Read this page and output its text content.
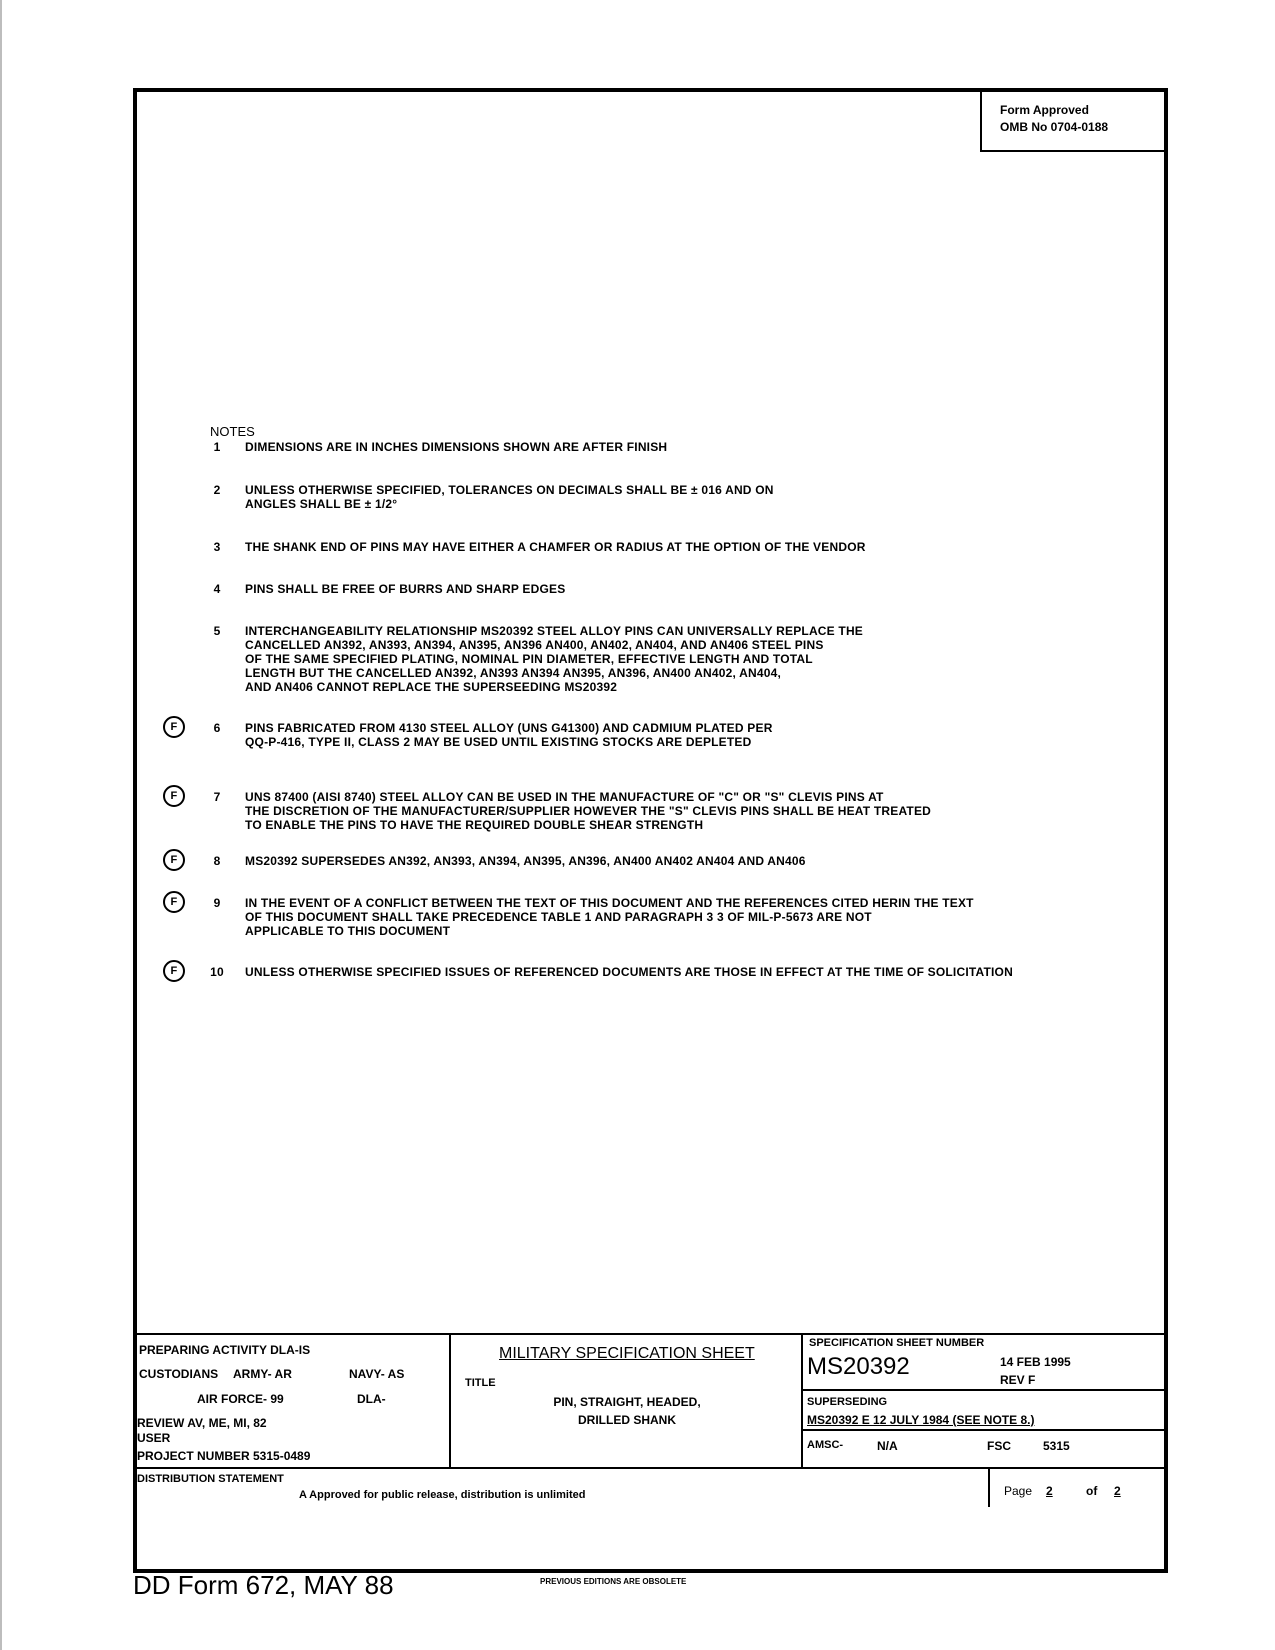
Form Approved
OMB No 0704-0188
NOTES
1	DIMENSIONS ARE IN INCHES DIMENSIONS SHOWN ARE AFTER FINISH
2	UNLESS OTHERWISE SPECIFIED, TOLERANCES ON DECIMALS SHALL BE ± 016 AND ON
ANGLES SHALL BE ± 1/2°
3	THE SHANK END OF PINS MAY HAVE EITHER A CHAMFER OR RADIUS AT THE OPTION OF THE VENDOR
4	PINS SHALL BE FREE OF BURRS AND SHARP EDGES
5	INTERCHANGEABILITY RELATIONSHIP MS20392 STEEL ALLOY PINS CAN UNIVERSALLY REPLACE THE
CANCELLED AN392, AN393, AN394, AN395, AN396 AN400, AN402, AN404, AND AN406 STEEL PINS
OF THE SAME SPECIFIED PLATING, NOMINAL PIN DIAMETER, EFFECTIVE LENGTH AND TOTAL
LENGTH BUT THE CANCELLED AN392, AN393 AN394 AN395, AN396, AN400 AN402, AN404,
AND AN406 CANNOT REPLACE THE SUPERSEEDING MS20392
F	6	PINS FABRICATED FROM 4130 STEEL ALLOY (UNS G41300) AND CADMIUM PLATED PER
QQ-P-416, TYPE II, CLASS 2 MAY BE USED UNTIL EXISTING STOCKS ARE DEPLETED
F	7	UNS 87400 (AISI 8740) STEEL ALLOY CAN BE USED IN THE MANUFACTURE OF "C" OR "S" CLEVIS PINS AT
THE DISCRETION OF THE MANUFACTURER/SUPPLIER HOWEVER THE "S" CLEVIS PINS SHALL BE HEAT TREATED
TO ENABLE THE PINS TO HAVE THE REQUIRED DOUBLE SHEAR STRENGTH
F	8	MS20392 SUPERSEDES AN392, AN393, AN394, AN395, AN396, AN400 AN402 AN404 AND AN406
F	9	IN THE EVENT OF A CONFLICT BETWEEN THE TEXT OF THIS DOCUMENT AND THE REFERENCES CITED HERIN THE TEXT
OF THIS DOCUMENT SHALL TAKE PRECEDENCE TABLE 1 AND PARAGRAPH 3 3 OF MIL-P-5673 ARE NOT
APPLICABLE TO THIS DOCUMENT
F	10 UNLESS OTHERWISE SPECIFIED ISSUES OF REFERENCED DOCUMENTS ARE THOSE IN EFFECT AT THE TIME OF SOLICITATION
PREPARING ACTIVITY DLA-IS
CUSTODIANS ARMY- AR	NAVY- AS
AIR FORCE- 99	DLA-
REVIEW AV, ME, MI, 82
USER
PROJECT NUMBER 5315-0489
MILITARY SPECIFICATION SHEET
TITLE
PIN, STRAIGHT, HEADED,
DRILLED SHANK
SPECIFICATION SHEET NUMBER
MS20392	14 FEB 1995
REV F
SUPERSEDING
MS20392 E 12 JULY 1984 (SEE NOTE 8.)
AMSC-	N/A	FSC	5315
DISTRIBUTION STATEMENT
A Approved for public release, distribution is unlimited	Page 2	of 2
DD Form 672, MAY 88	PREVIOUS EDITIONS ARE OBSOLETE
